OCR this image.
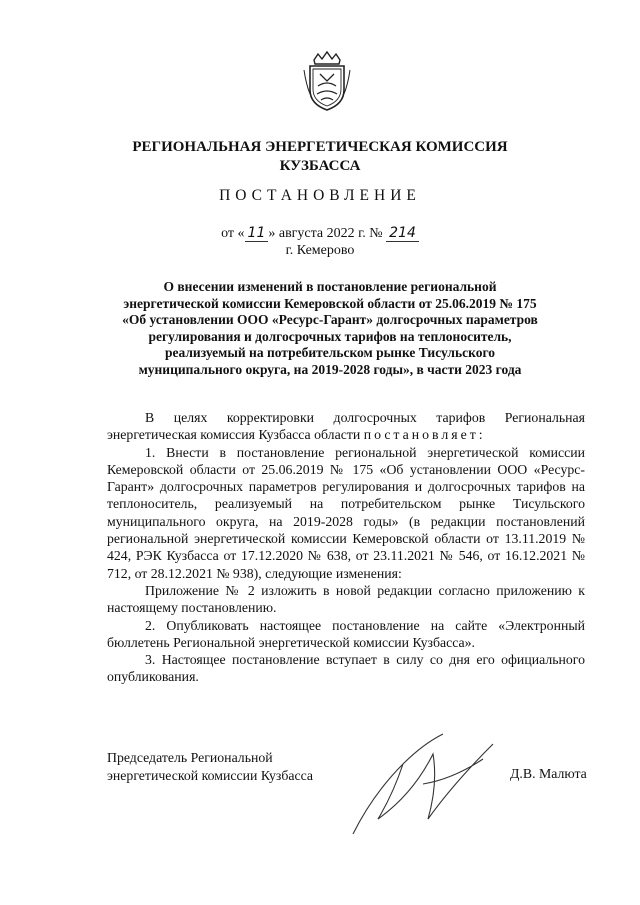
РЕГИОНАЛЬНАЯ ЭНЕРГЕТИЧЕСКАЯ КОМИССИЯ
КУЗБАССА
ПОСТАНОВЛЕНИЕ
от « 11 » августа 2022 г. № 214
г. Кемерово
О внесении изменений в постановление региональной
энергетической комиссии Кемеровской области от 25.06.2019 № 175
«Об установлении ООО «Ресурс-Гарант» долгосрочных параметров
регулирования и долгосрочных тарифов на теплоноситель,
реализуемый на потребительском рынке Тисульского
муниципального округа, на 2019-2028 годы», в части 2023 года

В целях корректировки долгосрочных тарифов Региональная энергетическая комиссия Кузбасса области постановляет:

1. Внести в постановление региональной энергетической комиссии Кемеровской области от 25.06.2019 № 175 «Об установлении ООО «Ресурс-Гарант» долгосрочных параметров регулирования и долгосрочных тарифов на теплоноситель, реализуемый на потребительском рынке Тисульского муниципального округа, на 2019-2028 годы» (в редакции постановлений региональной энергетической комиссии Кемеровской области от 13.11.2019 № 424, РЭК Кузбасса от 17.12.2020 № 638, от 23.11.2021 № 546, от 16.12.2021 № 712, от 28.12.2021 № 938), следующие изменения:

Приложение № 2 изложить в новой редакции согласно приложению к настоящему постановлению.

2. Опубликовать настоящее постановление на сайте «Электронный бюллетень Региональной энергетической комиссии Кузбасса».

3. Настоящее постановление вступает в силу со дня его официального опубликования.

Председатель Региональной
энергетической комиссии Кузбасса	Д.В. Малюта
